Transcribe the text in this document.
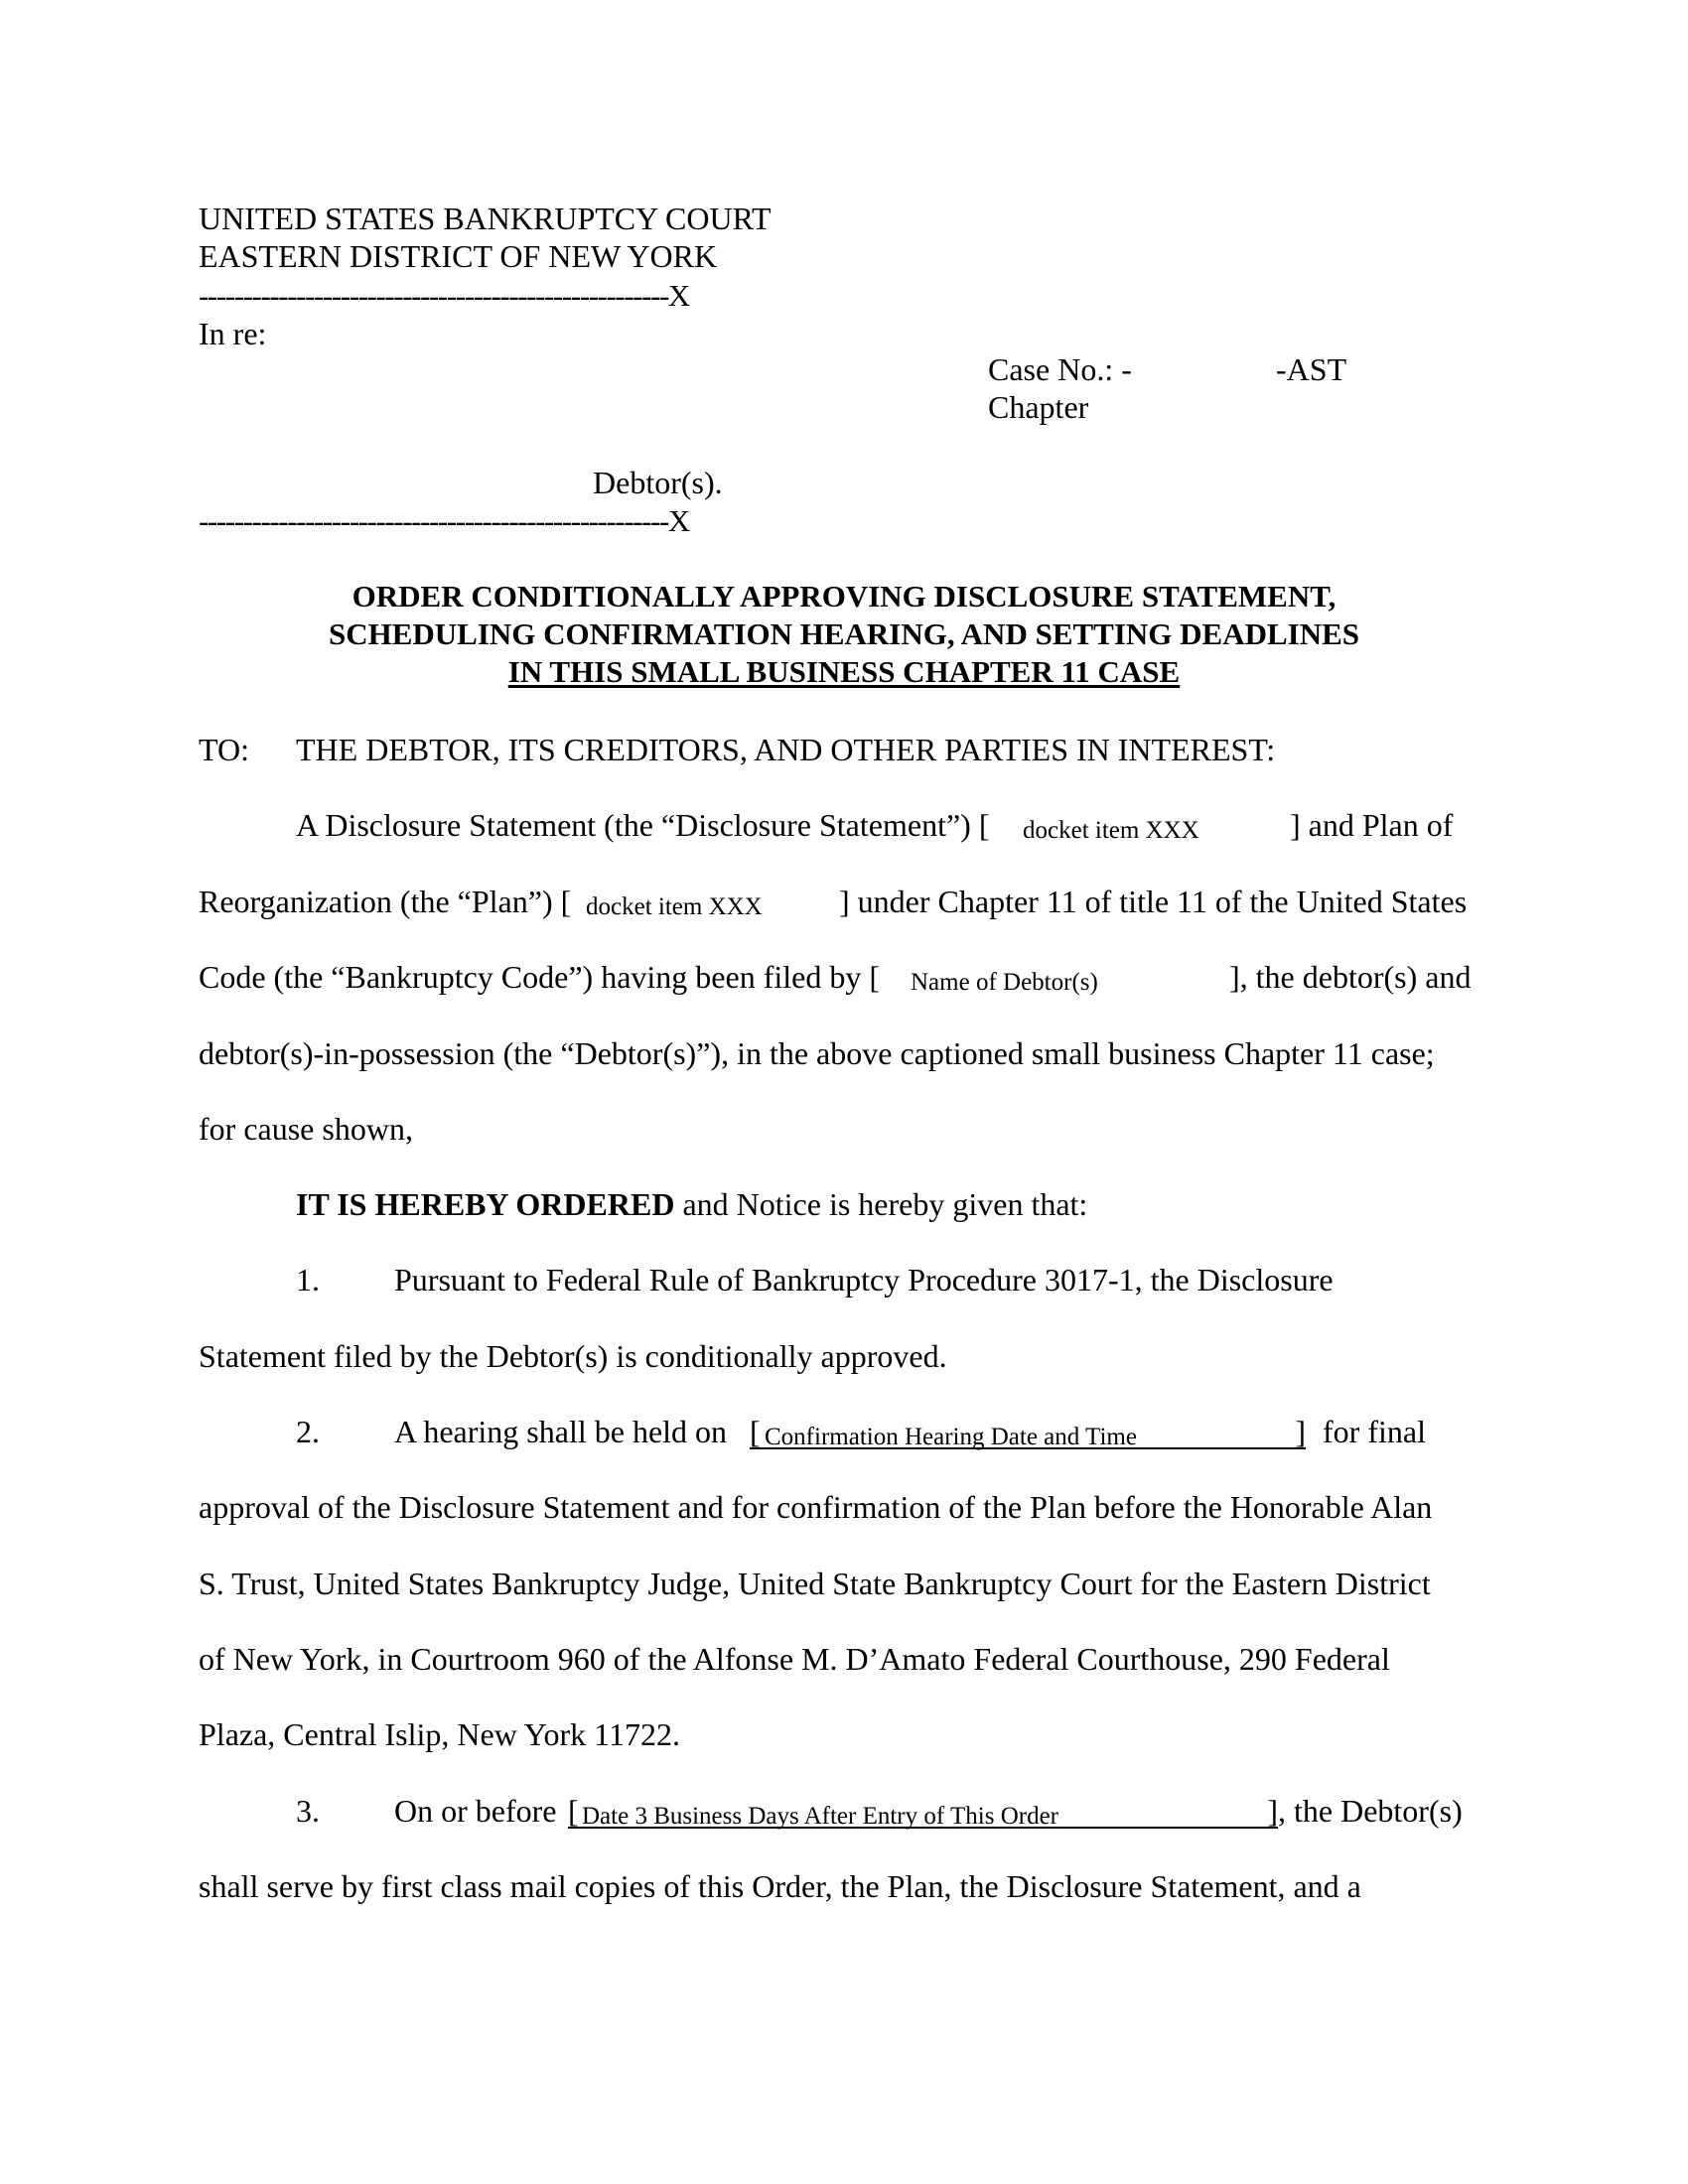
UNITED STATES BANKRUPTCY COURT
EASTERN DISTRICT OF NEW YORK
-----------------------------------------------------X
In re:
Case No.: -	-AST
Chapter
Debtor(s).
-----------------------------------------------------X
ORDER CONDITIONALLY APPROVING DISCLOSURE STATEMENT,
SCHEDULING CONFIRMATION HEARING, AND SETTING DEADLINES
IN THIS SMALL BUSINESS CHAPTER 11 CASE
TO: THE DEBTOR, ITS CREDITORS, AND OTHER PARTIES IN INTEREST:
A Disclosure Statement (the “Disclosure Statement”) [ docket item XXX	] and Plan of
Reorganization (the “Plan”) [ docket item XXX ] under Chapter 11 of title 11 of the United States
Code (the “Bankruptcy Code”) having been filed by [ Name of Debtor(s)	], the debtor(s) and
debtor(s)-in-possession (the “Debtor(s)”), in the above captioned small business Chapter 11 case;
for cause shown,
IT IS HEREBY ORDERED and Notice is hereby given that:
1. Pursuant to Federal Rule of Bankruptcy Procedure 3017-1, the Disclosure
Statement filed by the Debtor(s) is conditionally approved.
2. A hearing shall be held on [ Confirmation Hearing Date and Time	] for final
approval of the Disclosure Statement and for confirmation of the Plan before the Honorable Alan
S. Trust, United States Bankruptcy Judge, United State Bankruptcy Court for the Eastern District
of New York, in Courtroom 960 of the Alfonse M. D’Amato Federal Courthouse, 290 Federal
Plaza, Central Islip, New York 11722.
3. On or before [ Date 3 Business Days After Entry of This Order	] , the Debtor(s)
shall serve by first class mail copies of this Order, the Plan, the Disclosure Statement, and a
